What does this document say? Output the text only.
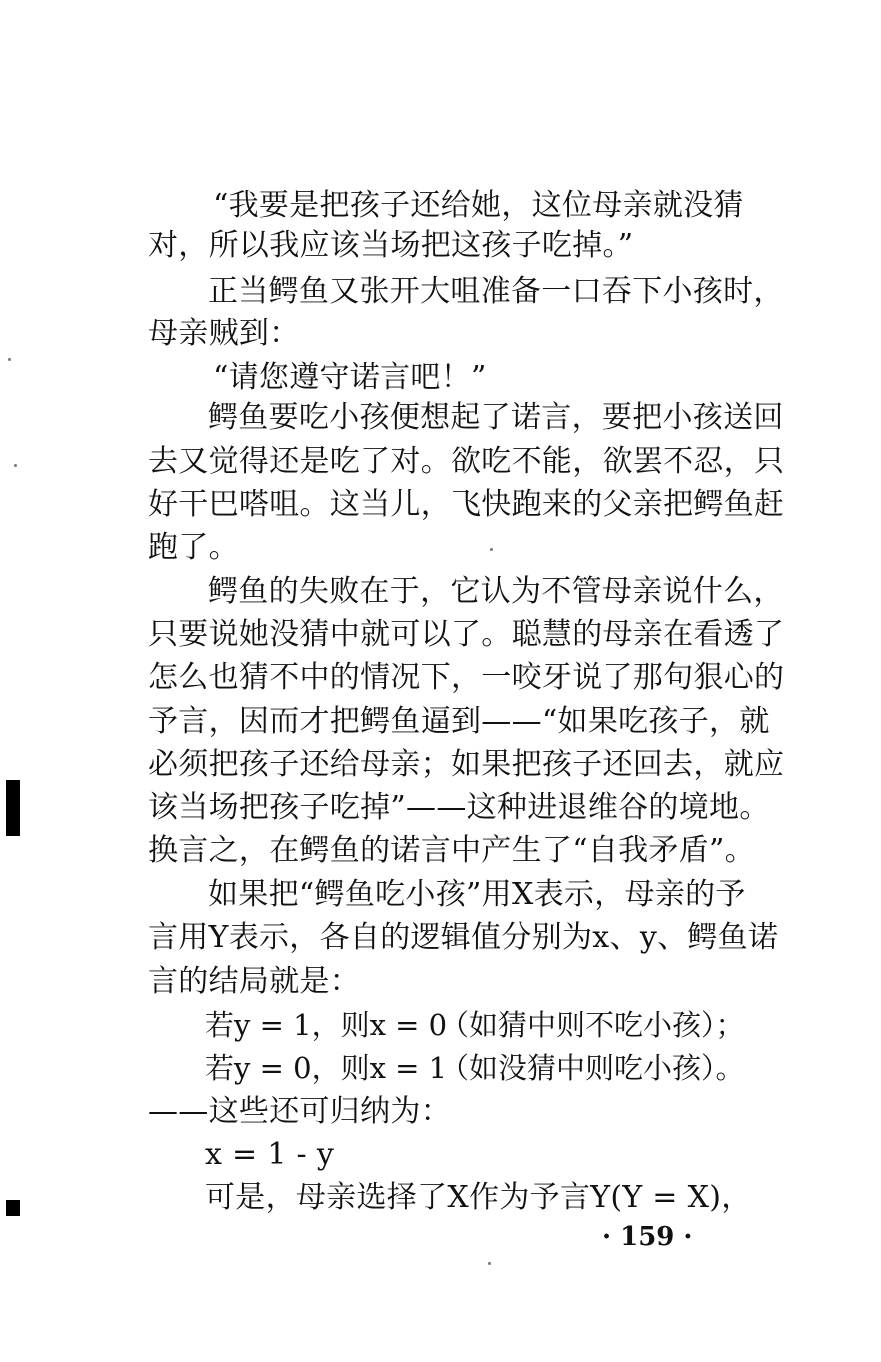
“我要是把孩子还给她，这位母亲就没猜

对，所以我应该当场把这孩子吃掉。”

正当鳄鱼又张开大咀准备一口吞下小孩时，

母亲贼到：

“请您遵守诺言吧！”

鳄鱼要吃小孩便想起了诺言，要把小孩送回

去又觉得还是吃了对。欲吃不能，欲罢不忍，只

好干巴嗒咀。这当儿，飞快跑来的父亲把鳄鱼赶

跑了。

鳄鱼的失败在于，它认为不管母亲说什么，

只要说她没猜中就可以了。聪慧的母亲在看透了

怎么也猜不中的情况下，一咬牙说了那句狠心的

予言，因而才把鳄鱼逼到——“如果吃孩子，就

必须把孩子还给母亲；如果把孩子还回去，就应

该当场把孩子吃掉”——这种进退维谷的境地。

换言之，在鳄鱼的诺言中产生了“自我矛盾”。

如果把“鳄鱼吃小孩”用X表示，母亲的予

言用Y表示，各自的逻辑值分别为x、y、鳄鱼诺

言的结局就是：

若y = 1，则x = 0
（如猜中则不吃小孩）；
若y = 0，则x = 1
（如没猜中则吃小孩）。

——这些还可归纳为：

x = 1 - y

可是，母亲选择了X作为予言Y(Y = X)，

· 159 ·
